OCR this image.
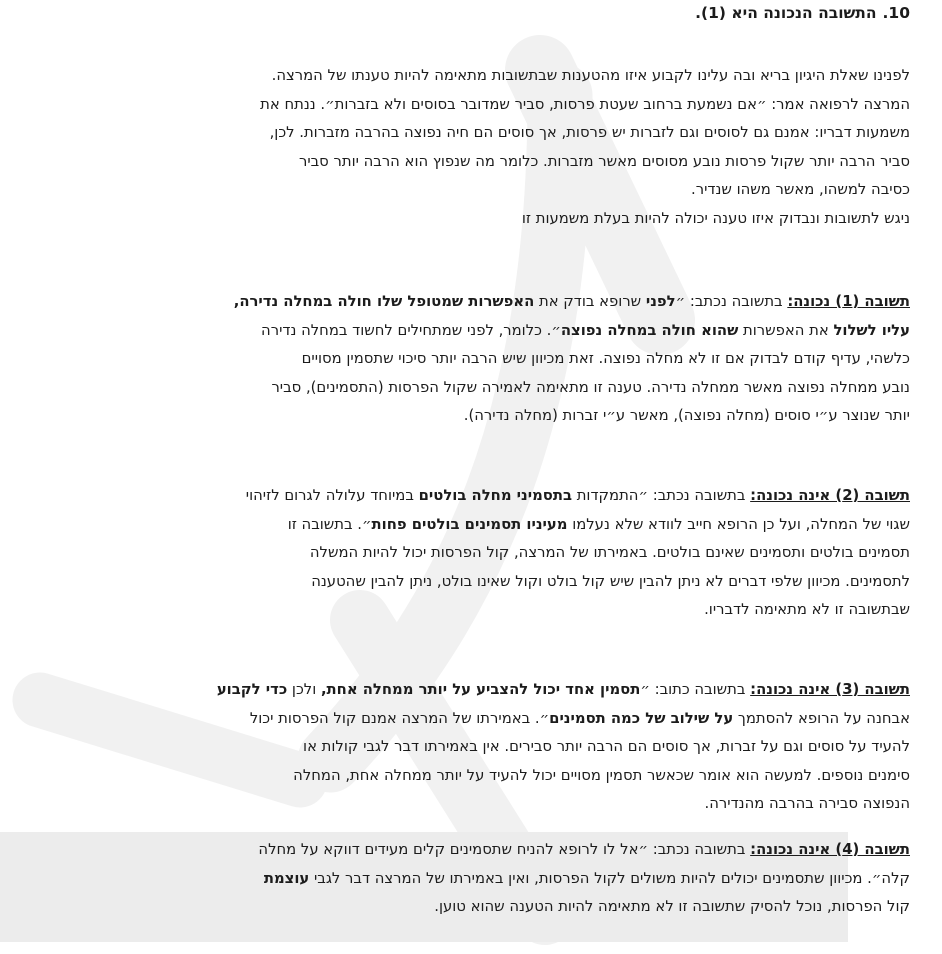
10.התשובה הנכונה היא (1).
לפנינו שאלת היגיון בריא ובה עלינו לקבוע איזו מהטענות שבתשובות מתאימה להיות טענתו של המרצה.
המרצה לרפואה אמר: ״אם נשמעת ברחוב שעטת פרסות, סביר שמדובר בסוסים ולא בזברות״. ננתח את
משמעות דבריו: אמנם גם לסוסים וגם לזברות יש פרסות, אך סוסים הם חיה נפוצה בהרבה מזברות. לכן,
סביר הרבה יותר שקול פרסות נובע מסוסים מאשר מזברות. כלומר מה שנפוץ הוא הרבה יותר סביר
כסיבה למשהו, מאשר משהו שנדיר.
ניגש לתשובות ונבדוק איזו טענה יכולה להיות בעלת משמעות זו
תשובה (1) נכונה: בתשובה נכתב: ״לפני שרופא בודק את האפשרות שמטופל שלו חולה במחלה נדירה,
עליו לשלול את האפשרות שהוא חולה במחלה נפוצה״. כלומר, לפני שמתחילים לחשוד במחלה נדירה
כלשהי, עדיף קודם לבדוק אם זו לא מחלה נפוצה. זאת מכיוון שיש הרבה יותר סיכוי שתסמין מסויים
נובע ממחלה נפוצה מאשר ממחלה נדירה. טענה זו מתאימה לאמירה שקול הפרסות (התסמינים), סביר
יותר שנוצר ע״י סוסים (מחלה נפוצה), מאשר ע״י זברות (מחלה נדירה).
תשובה (2) אינה נכונה: בתשובה נכתב: ״התמקדות בתסמיני מחלה בולטים במיוחד עלולה לגרום לזיהוי
שגוי של המחלה, ועל כן הרופא חייב לוודא שלא נעלמו מעיניו תסמינים בולטים פחות״. בתשובה זו
תסמינים בולטים ותסמינים שאינם בולטים. באמירתו של המרצה, קול הפרסות יכול להיות המשלה
לתסמינים. מכיוון שלפי דברים לא ניתן להבין שיש קול בולט וקול שאינו בולט, ניתן להבין שהטענה
שבתשובה זו לא מתאימה לדבריו.
תשובה (3) אינה נכונה: בתשובה כתוב: ״תסמין אחד יכול להצביע על יותר ממחלה אחת, ולכן כדי לקבוע
אבחנה על הרופא להסתמך על שילוב של כמה תסמינים״. באמירתו של המרצה אמנם קול הפרסות יכול
להעיד על סוסים וגם על זברות, אך סוסים הם הרבה יותר סבירים. אין באמירתו דבר לגבי קולות או
סימנים נוספים. למעשה הוא אומר שכאשר תסמין מסויים יכול להעיד על יותר ממחלה אחת, המחלה
הנפוצה סבירה בהרבה מהנדירה.
תשובה (4) אינה נכונה: בתשובה נכתב: ״אל לו לרופא להניח שתסמינים קלים מעידים דווקא על מחלה
קלה״. מכיוון שתסמינים יכולים להיות משולים לקול הפרסות, ואין באמירתו של המרצה דבר לגבי עוצמת
קול הפרסות, נוכל להסיק שתשובה זו לא מתאימה להיות הטענה שהוא טוען.
